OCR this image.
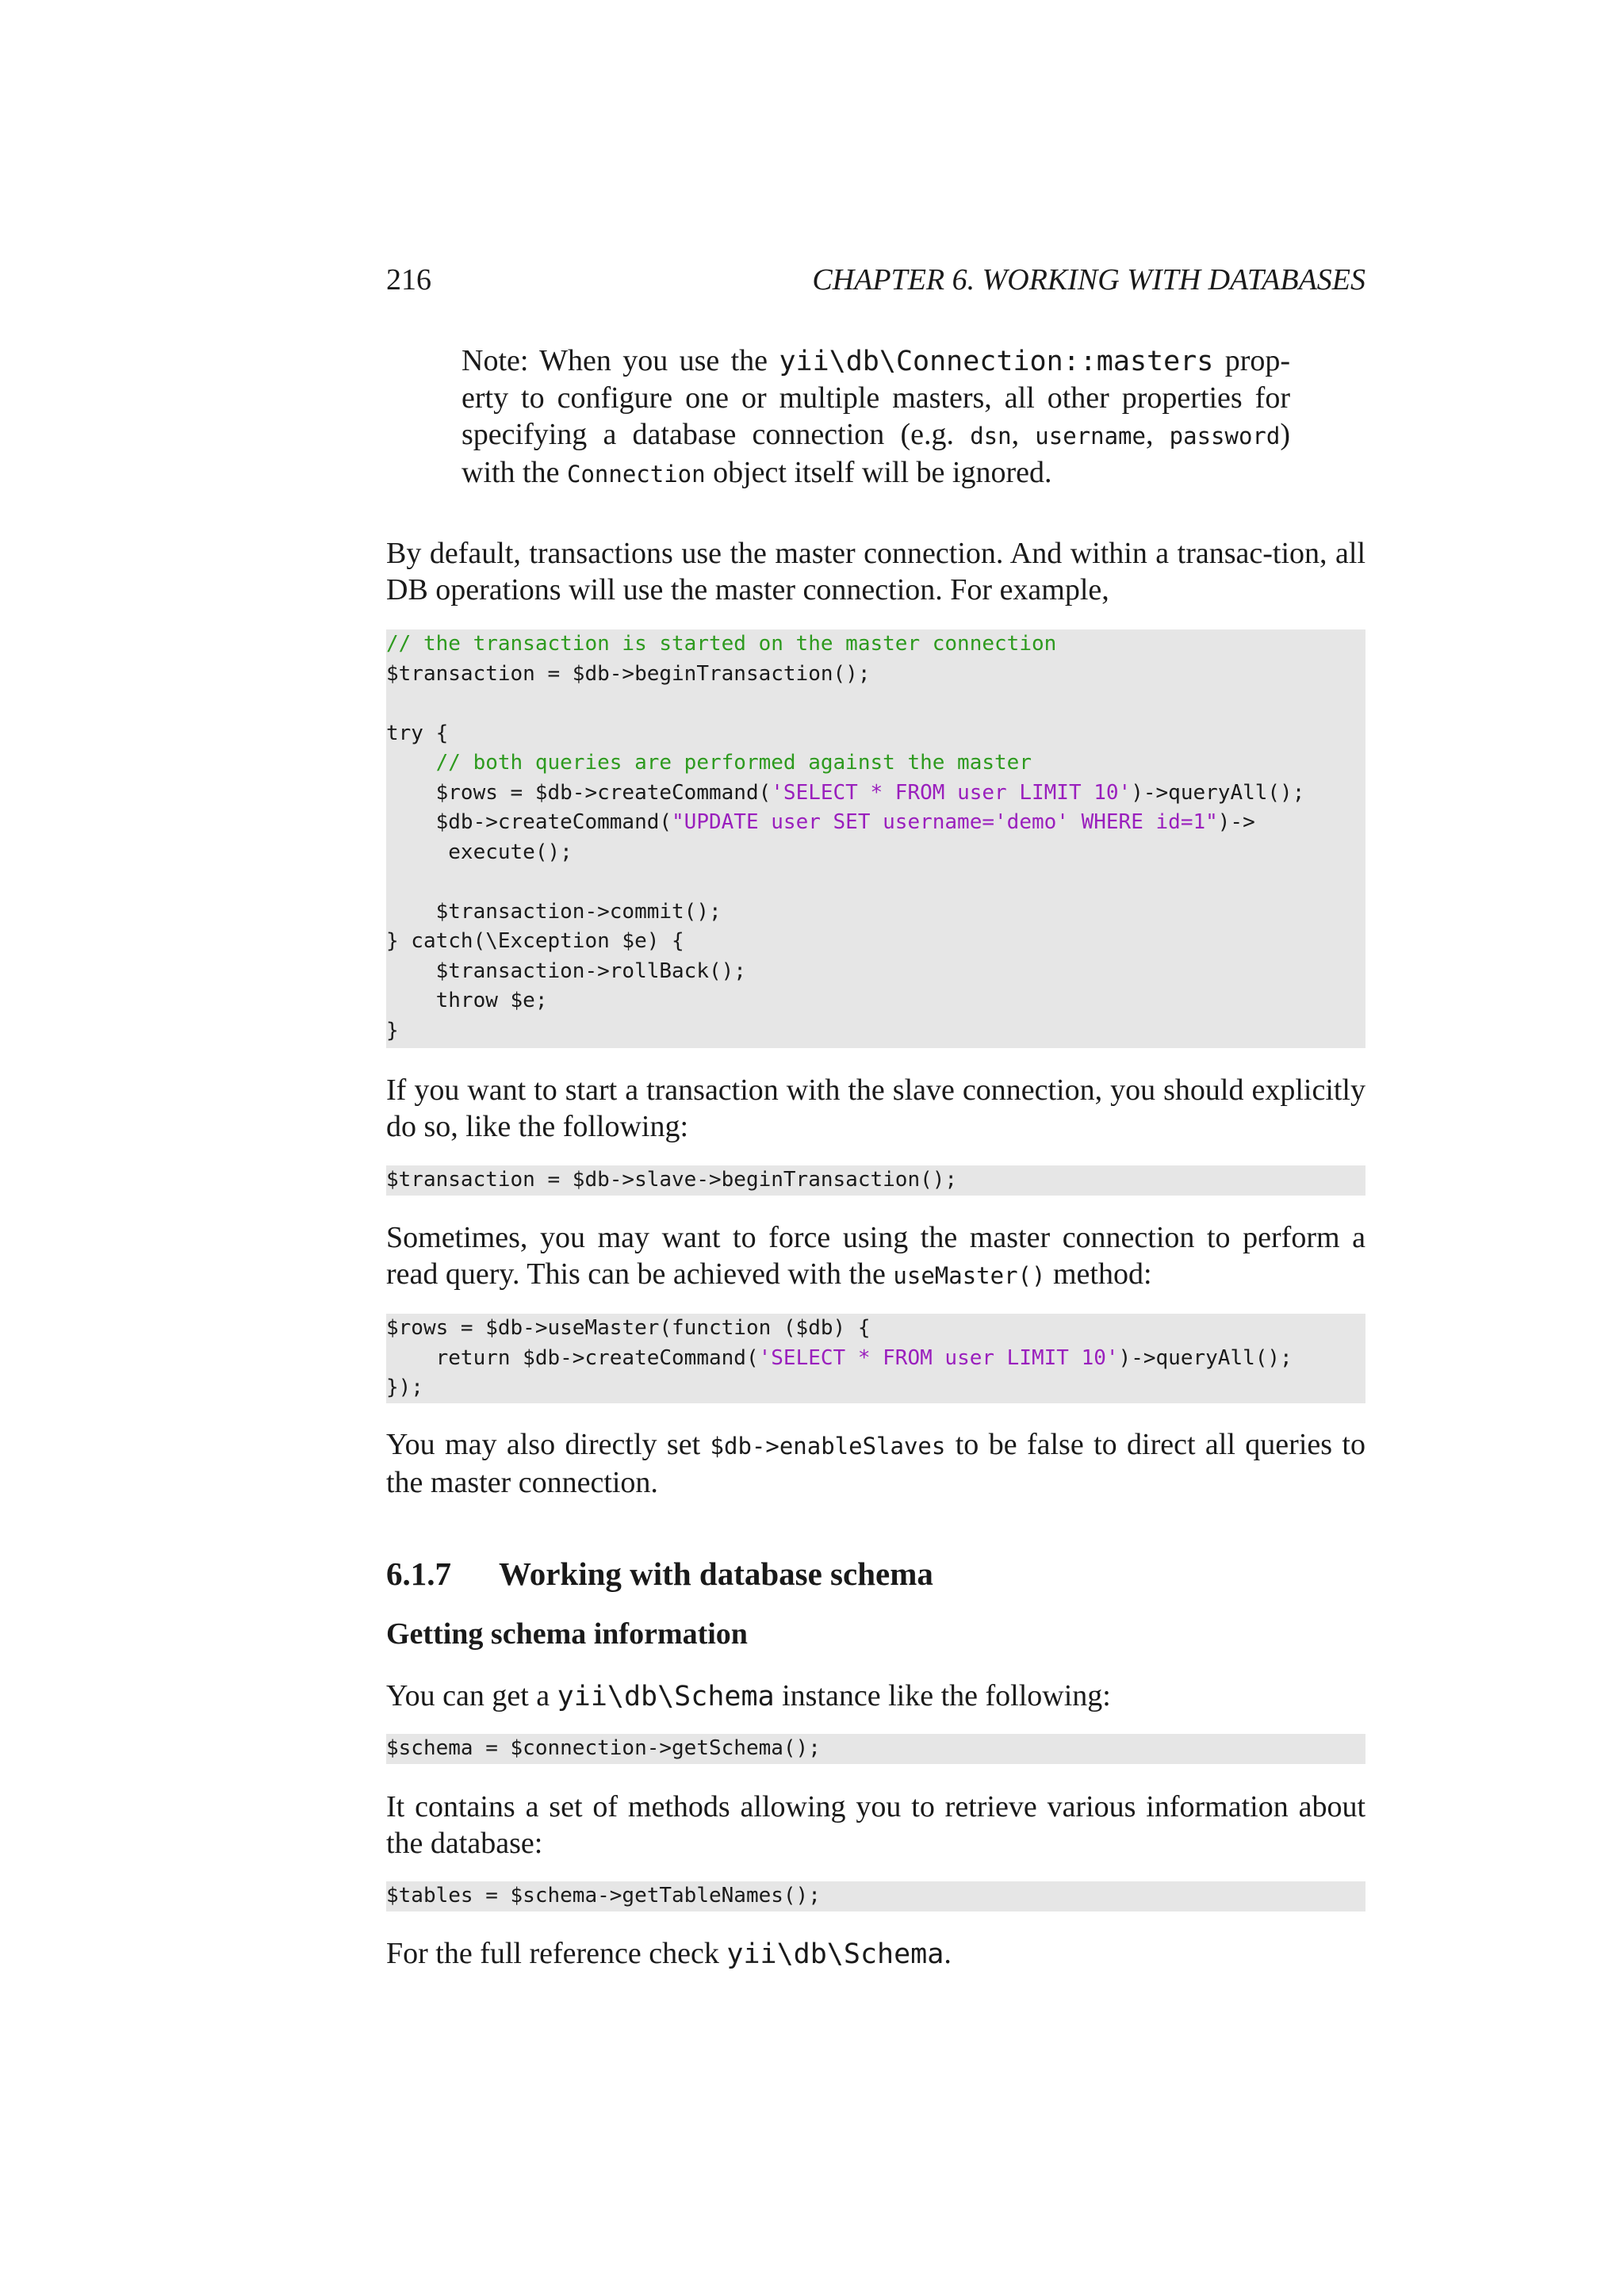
216	CHAPTER 6. WORKING WITH DATABASES

Note: When you use the yii\db\Connection::masters prop-erty to configure one or multiple masters, all other properties for specifying a database connection (e.g. dsn, username, password) with the Connection object itself will be ignored.

By default, transactions use the master connection. And within a transac-tion, all DB operations will use the master connection. For example,

// the transaction is started on the master connection
$transaction = $db->beginTransaction();
try {
// both queries are performed against the master
$rows = $db->createCommand('SELECT * FROM user LIMIT 10')->queryAll();
$db->createCommand("UPDATE user SET username='demo' WHERE id=1")->
execute();
$transaction->commit();
} catch(\Exception $e) {
$transaction->rollBack();
throw $e;
}

If you want to start a transaction with the slave connection, you should explicitly do so, like the following:

$transaction = $db->slave->beginTransaction();

Sometimes, you may want to force using the master connection to perform a read query. This can be achieved with the useMaster() method:

$rows = $db->useMaster(function ($db) {
return $db->createCommand('SELECT * FROM user LIMIT 10')->queryAll();
});

You may also directly set $db->enableSlaves to be false to direct all queries to the master connection.

6.1.7 Working with database schema
Getting schema information

You can get a yii\db\Schema instance like the following:

$schema = $connection->getSchema();

It contains a set of methods allowing you to retrieve various information about the database:

$tables = $schema->getTableNames();

For the full reference check yii\db\Schema.
